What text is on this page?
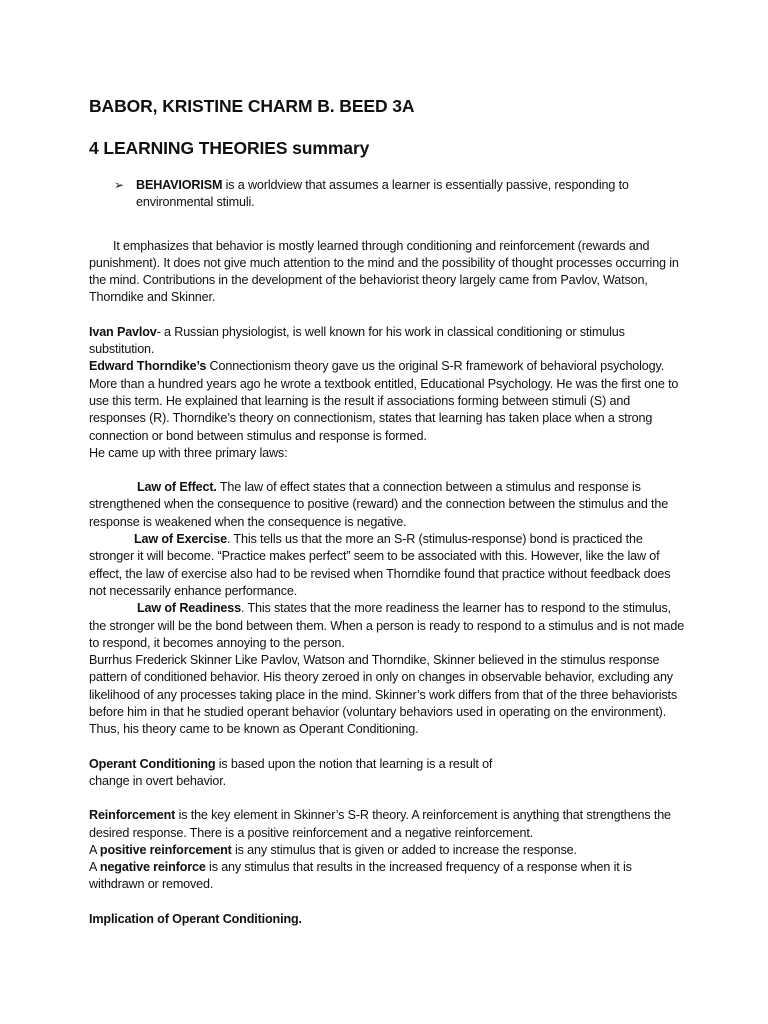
BABOR, KRISTINE CHARM B. BEED 3A
4 LEARNING THEORIES summary
➢ BEHAVIORISM is a worldview that assumes a learner is essentially passive, responding to environmental stimuli.

It emphasizes that behavior is mostly learned through conditioning and reinforcement (rewards and punishment). It does not give much attention to the mind and the possibility of thought processes occurring in the mind. Contributions in the development of the behaviorist theory largely came from Pavlov, Watson, Thorndike and Skinner.

Ivan Pavlov- a Russian physiologist, is well known for his work in classical conditioning or stimulus substitution.

Edward Thorndike’s Connectionism theory gave us the original S-R framework of behavioral psychology. More than a hundred years ago he wrote a textbook entitled, Educational Psychology. He was the first one to use this term. He explained that learning is the result if associations forming between stimuli (S) and responses (R). Thorndike’s theory on connectionism, states that learning has taken place when a strong connection or bond between stimulus and response is formed.

He came up with three primary laws:

Law of Effect. The law of effect states that a connection between a stimulus and response is strengthened when the consequence to positive (reward) and the connection between the stimulus and the response is weakened when the consequence is negative.

Law of Exercise. This tells us that the more an S-R (stimulus-response) bond is practiced the stronger it will become. “Practice makes perfect” seem to be associated with this. However, like the law of effect, the law of exercise also had to be revised when Thorndike found that practice without feedback does not necessarily enhance performance.

Law of Readiness. This states that the more readiness the learner has to respond to the stimulus, the stronger will be the bond between them. When a person is ready to respond to a stimulus and is not made to respond, it becomes annoying to the person.

Burrhus Frederick Skinner Like Pavlov, Watson and Thorndike, Skinner believed in the stimulus response pattern of conditioned behavior. His theory zeroed in only on changes in observable behavior, excluding any likelihood of any processes taking place in the mind. Skinner’s work differs from that of the three behaviorists before him in that he studied operant behavior (voluntary behaviors used in operating on the environment). Thus, his theory came to be known as Operant Conditioning.

Operant Conditioning is based upon the notion that learning is a result of
change in overt behavior.

Reinforcement is the key element in Skinner’s S-R theory. A reinforcement is anything that strengthens the desired response. There is a positive reinforcement and a negative reinforcement.

A positive reinforcement is any stimulus that is given or added to increase the response.

A negative reinforce is any stimulus that results in the increased frequency of a response when it is withdrawn or removed.

Implication of Operant Conditioning.
